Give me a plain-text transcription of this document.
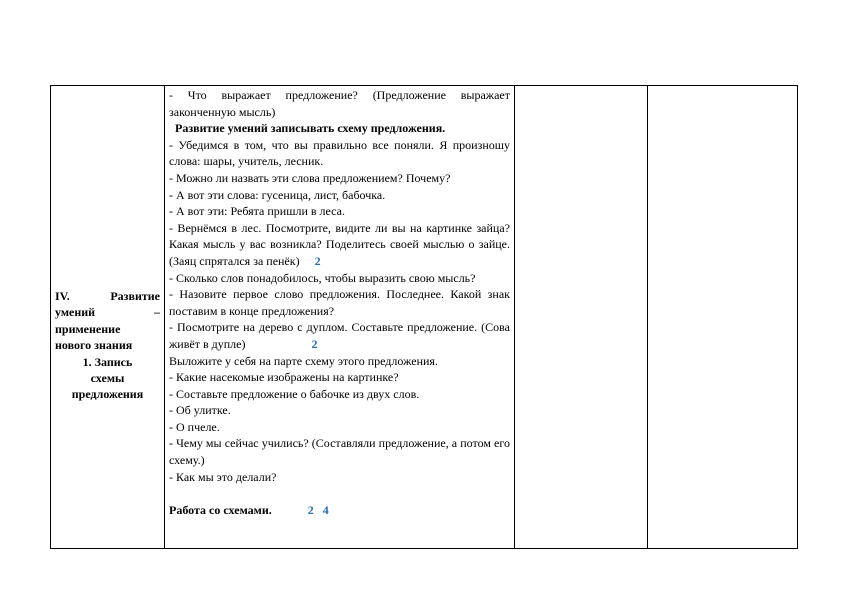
IV.	Развитие
умений	–
применение
нового знания
1. Запись
схемы
предложения

- Что выражает предложение? (Предложение выражает законченную мысль)

Развитие умений записывать схему предложения.

- Убедимся в том, что вы правильно все поняли. Я произношу слова: шары, учитель, лесник.

- Можно ли назвать эти слова предложением? Почему?

- А вот эти слова: гусеница, лист, бабочка.

- А вот эти: Ребята пришли в леса.

- Вернёмся в лес. Посмотрите, видите ли вы на картинке зайца? Какая мысль у вас возникла? Поделитесь своей мыслью о зайце. (Заяц спрятался за пенёк) 2

- Сколько слов понадобилось, чтобы выразить свою мысль?

- Назовите первое слово предложения. Последнее. Какой знак поставим в конце предложения?

- Посмотрите на дерево с дуплом. Составьте предложение. (Сова живёт в дупле)	2

Выложите у себя на парте схему этого предложения.

- Какие насекомые изображены на картинке?

- Составьте предложение о бабочке из двух слов.

- Об улитке.

- О пчеле.

- Чему мы сейчас учились? (Составляли предложение, а потом его схему.)

- Как мы это делали?

Работа со схемами.	2 4
